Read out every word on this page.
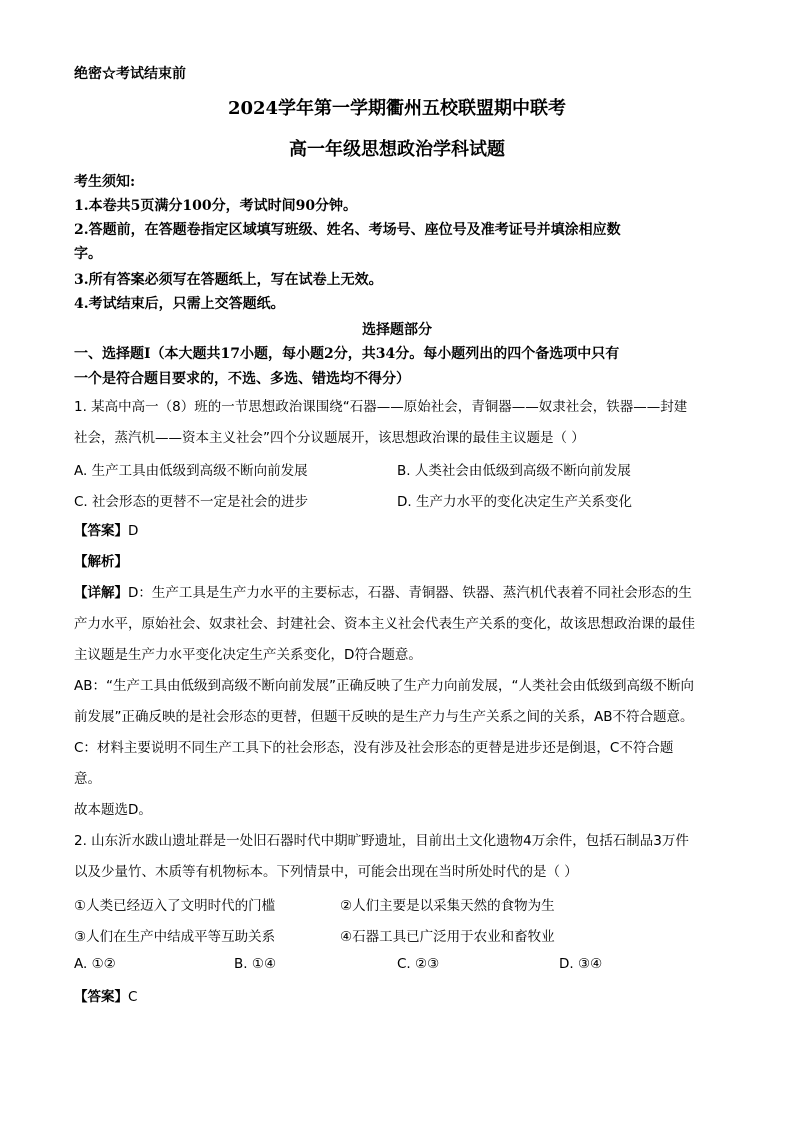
绝密☆考试结束前
2024学年第一学期衢州五校联盟期中联考
高一年级思想政治学科试题
考生须知:
1.本卷共5页满分100分，考试时间90分钟。
2.答题前，在答题卷指定区域填写班级、姓名、考场号、座位号及准考证号并填涂相应数
字。
3.所有答案必须写在答题纸上，写在试卷上无效。
4.考试结束后，只需上交答题纸。
选择题部分
一、选择题Ⅰ（本大题共17小题，每小题2分，共34分。每小题列出的四个备选项中只有
一个是符合题目要求的，不选、多选、错选均不得分）
1. 某高中高一（8）班的一节思想政治课围绕“石器——原始社会，青铜器——奴隶社会，铁器——封建
社会，蒸汽机——资本主义社会”四个分议题展开，该思想政治课的最佳主议题是（ ）
A. 生产工具由低级到高级不断向前发展	B. 人类社会由低级到高级不断向前发展
C. 社会形态的更替不一定是社会的进步	D. 生产力水平的变化决定生产关系变化
【答案】D
【解析】
【详解】D：生产工具是生产力水平的主要标志，石器、青铜器、铁器、蒸汽机代表着不同社会形态的生
产力水平，原始社会、奴隶社会、封建社会、资本主义社会代表生产关系的变化，故该思想政治课的最佳
主议题是生产力水平变化决定生产关系变化，D符合题意。
AB：“生产工具由低级到高级不断向前发展”正确反映了生产力向前发展，“人类社会由低级到高级不断向
前发展”正确反映的是社会形态的更替，但题干反映的是生产力与生产关系之间的关系，AB不符合题意。
C：材料主要说明不同生产工具下的社会形态，没有涉及社会形态的更替是进步还是倒退，C不符合题
意。
故本题选D。
2. 山东沂水跋山遗址群是一处旧石器时代中期旷野遗址，目前出土文化遗物4万余件，包括石制品3万件
以及少量竹、木质等有机物标本。下列情景中，可能会出现在当时所处时代的是（ ）
①人类已经迈入了文明时代的门槛	②人们主要是以采集天然的食物为生
③人们在生产中结成平等互助关系	④石器工具已广泛用于农业和畜牧业
A. ①②	B. ①④	C. ②③	D. ③④
【答案】C
